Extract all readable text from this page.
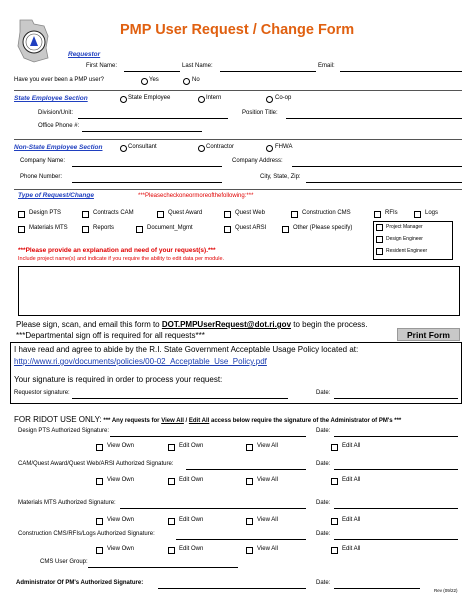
PMP User Request / Change Form
Requestor
First Name:	Last Name:	Email:
Have you ever been a PMP user?	Yes	No
State Employee Section	State Employee	Intern	Co-op
Division/Unit:	Position Title:
Office Phone #:
Non-State Employee Section	Consultant	Contractor	FHWA
Company Name:	Company Address:
Phone Number:	City, State, Zip:
Type of Request/Change	***Pleasecheckoneormoreofthefollowing:***
Design PTS	Contracts CAM	Quest Award	Quest Web	Construction CMS	RFIs	Logs
Materials MTS	Reports	Document_Mgmt	Quest ARSI	Other (Please specify)	Project Manager
Design Engineer
Resident Engineer
***Please provide an explanation and need of your request(s).***
Include project name(s) and indicate if you require the ability to edit data per module.
Please sign, scan, and email this form to DOT.PMPUserRequest@dot.ri.gov to begin the process.
***Departmental sign off is required for all requests***	Print Form
I have read and agree to abide by the R.I. State Government Acceptable Usage Policy located at:
http://www.ri.gov/documents/policies/00-02_Acceptable_Use_Policy.pdf
Your signature is required in order to process your request:
Requestor signature:	Date:
FOR RIDOT USE ONLY: *** Any requests for View All / Edit All access below require the signature of the Administrator of PM's ***
Design PTS Authorized Signature:	Date:
View Own	View All
Edit Own	Edit All
CAM/Quest Award/Quest Web/ARSI Authorized Signature:	Date:
View Own	View All
Edit Own	Edit All
Materials MTS Authorized Signature:	Date:
View Own	View All
Edit Own	Edit All
Construction CMS/RFIs/Logs Authorized Signature:	Date:
View Own	View All
Edit Own	Edit All
CMS User Group:
Administrator Of PM's Authorized Signature:	Date:
Rev (09/22)
